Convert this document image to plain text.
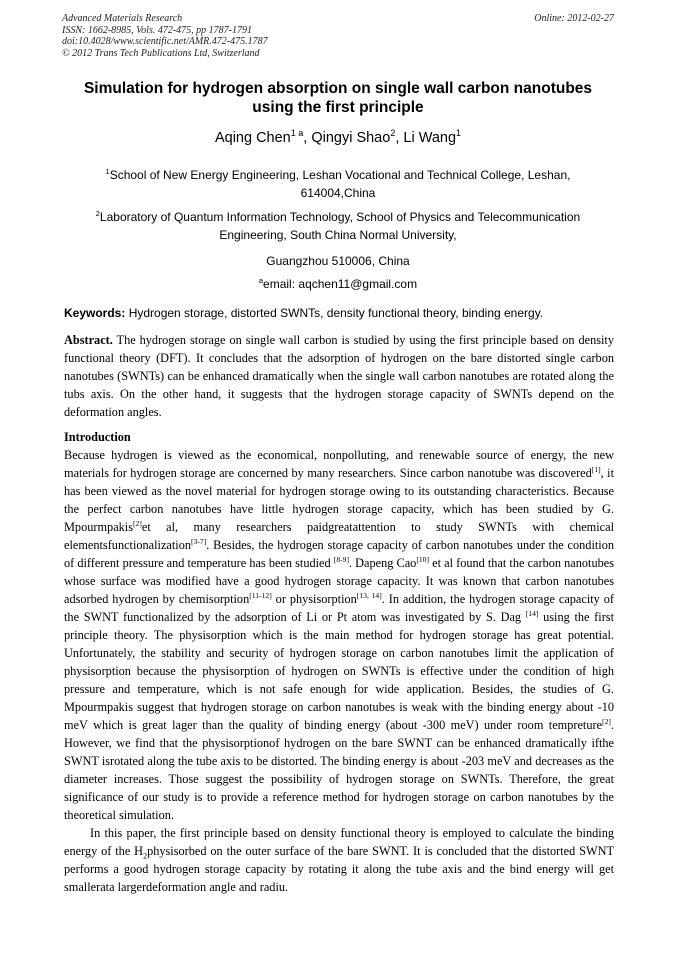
Advanced Materials Research
ISSN: 1662-8985, Vols. 472-475, pp 1787-1791
doi:10.4028/www.scientific.net/AMR.472-475.1787
© 2012 Trans Tech Publications Ltd, Switzerland
Online: 2012-02-27
Simulation for hydrogen absorption on single wall carbon nanotubes
using the first principle
Aqing Chen$^{1 a}$, Qingyi Shao$^2$, Li Wang$^1$
$^1$School of New Energy Engineering, Leshan Vocational and Technical College, Leshan,
614004,China
$^2$Laboratory of Quantum Information Technology, School of Physics and Telecommunication
Engineering, South China Normal University,
Guangzhou 510006, China
$^a$email: aqchen11@gmail.com
Keywords: Hydrogen storage, distorted SWNTs, density functional theory, binding energy.
Abstract. The hydrogen storage on single wall carbon is studied by using the first principle based on density functional theory (DFT). It concludes that the adsorption of hydrogen on the bare distorted single carbon nanotubes (SWNTs) can be enhanced dramatically when the single wall carbon nanotubes are rotated along the tubs axis. On the other hand, it suggests that the hydrogen storage capacity of SWNTs depend on the deformation angles.
Introduction

Because hydrogen is viewed as the economical, nonpolluting, and renewable source of energy, the new materials for hydrogen storage are concerned by many researchers. Since carbon nanotube was discovered[1], it has been viewed as the novel material for hydrogen storage owing to its outstanding characteristics. Because the perfect carbon nanotubes have little hydrogen storage capacity, which has been studied by G. Mpourmpakis[2]et al, many researchers paidgreatattention to study SWNTs with chemical elementsfunctionalization[3-7]. Besides, the hydrogen storage capacity of carbon nanotubes under the condition of different pressure and temperature has been studied [8-9]. Dapeng Cao[10] et al found that the carbon nanotubes whose surface was modified have a good hydrogen storage capacity. It was known that carbon nanotubes adsorbed hydrogen by chemisorption[11-12] or physisorption[13, 14]. In addition, the hydrogen storage capacity of the SWNT functionalized by the adsorption of Li or Pt atom was investigated by S. Dag [14] using the first principle theory. The physisorption which is the main method for hydrogen storage has great potential. Unfortunately, the stability and security of hydrogen storage on carbon nanotubes limit the application of physisorption because the physisorption of hydrogen on SWNTs is effective under the condition of high pressure and temperature, which is not safe enough for wide application. Besides, the studies of G. Mpourmpakis suggest that hydrogen storage on carbon nanotubes is weak with the binding energy about -10 meV which is great lager than the quality of binding energy (about -300 meV) under room tempreture[2]. However, we find that the physisorptionof hydrogen on the bare SWNT can be enhanced dramatically ifthe SWNT isrotated along the tube axis to be distorted. The binding energy is about -203 meV and decreases as the diameter increases. Those suggest the possibility of hydrogen storage on SWNTs. Therefore, the great significance of our study is to provide a reference method for hydrogen storage on carbon nanotubes by the theoretical simulation.

In this paper, the first principle based on density functional theory is employed to calculate the binding energy of the $H_2physisorbed$ on the outer surface of the bare SWNT. It is concluded that the distorted SWNT performs a good hydrogen storage capacity by rotating it along the tube axis and the bind energy will get smallerata largerdeformation angle and radiu.
